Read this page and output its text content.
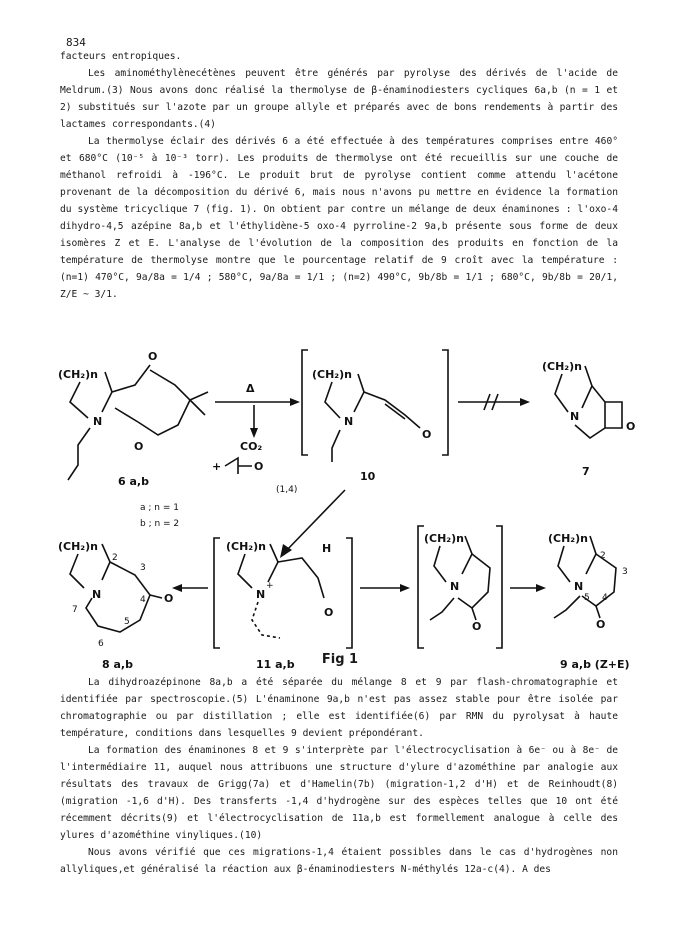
834

facteurs entropiques.

Les aminométhylènecétènes peuvent être générés par pyrolyse des dérivés de l'acide de Meldrum.(3) Nous avons donc réalisé la thermolyse de β-énaminodiesters cycliques 6a,b (n = 1 et 2) substitués sur l'azote par un groupe allyle et préparés avec de bons rendements à partir des lactames correspondants.(4)

La thermolyse éclair des dérivés 6 a été effectuée à des températures comprises entre 460° et 680°C (10⁻⁵ à 10⁻³ torr). Les produits de thermolyse ont été recueillis sur une couche de méthanol refroidi à -196°C. Le produit brut de pyrolyse contient comme attendu l'acétone provenant de la décomposition du dérivé 6, mais nous n'avons pu mettre en évidence la formation du système tricyclique 7 (fig. 1). On obtient par contre un mélange de deux énaminones : l'oxo-4 dihydro-4,5 azépine 8a,b et l'éthylidène-5 oxo-4 pyrroline-2 9a,b présente sous forme de deux isomères Z et E. L'analyse de l'évolution de la composition des produits en fonction de la température de thermolyse montre que le pourcentage relatif de 9 croît avec la température : (n=1) 470°C, 9a/8a = 1/4 ; 580°C, 9a/8a = 1/1 ; (n=2) 490°C, 9b/8b = 1/1 ; 680°C, 9b/8b = 20/1, Z/E ~ 3/1.

(CH₂)n
N
O
O
6 a,b
a ; n = 1
b ; n = 2
Δ
CO₂
+	O
(CH₂)n
N
O
10
(CH₂)n
N
O
7
(1,4)
(CH₂)n
N
2
3
O
4
5
6
7
8 a,b
(CH₂)n
N
+
H
O
11 a,b
(CH₂)n
N
O
(CH₂)n
N
2
3
4
5
O
9 a,b (Z+E)
Fig 1

La dihydroazépinone 8a,b a été séparée du mélange 8 et 9 par flash-chromatographie et identifiée par spectroscopie.(5) L'énaminone 9a,b n'est pas assez stable pour être isolée par chromatographie ou par distillation ; elle est identifiée(6) par RMN du pyrolysat à haute température, conditions dans lesquelles 9 devient prépondérant.

La formation des énaminones 8 et 9 s'interprète par l'électrocyclisation à 6e⁻ ou à 8e⁻ de l'intermédiaire 11, auquel nous attribuons une structure d'ylure d'azométhine par analogie aux résultats des travaux de Grigg(7a) et d'Hamelin(7b) (migration-1,2 d'H) et de Reinhoudt(8) (migration -1,6 d'H). Des transferts -1,4 d'hydrogène sur des espèces telles que 10 ont été récemment décrits(9) et l'électrocyclisation de 11a,b est formellement analogue à celle des ylures d'azométhine vinyliques.(10)

Nous avons vérifié que ces migrations-1,4 étaient possibles dans le cas d'hydrogènes non allyliques,et généralisé la réaction aux β-énaminodiesters N-méthylés 12a-c(4). A des
